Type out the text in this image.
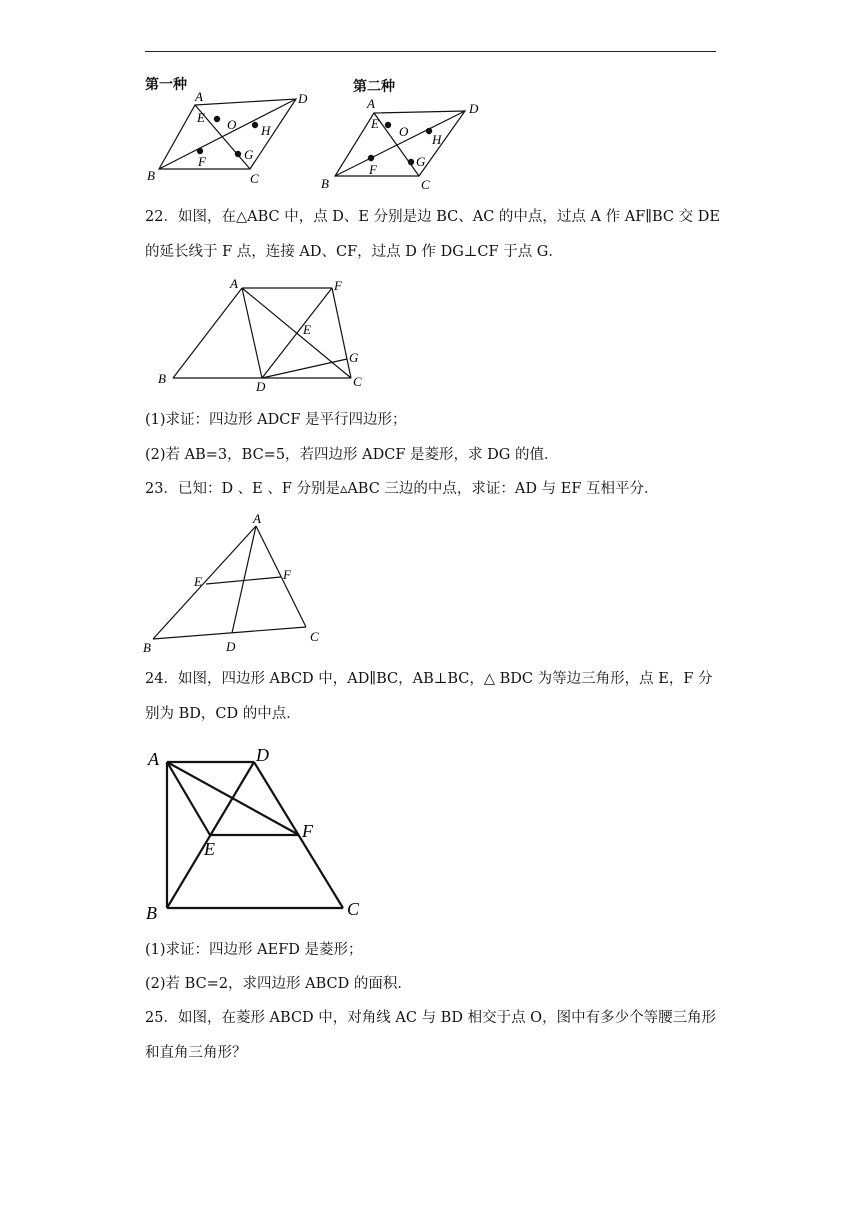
第一种	第二种
A	D
B	C
E O H
F	G
A	D
B	C
E
O
H
F
G
22．如图，在△ABC 中，点 D、E 分别是边 BC、AC 的中点，过点 A 作 AF∥BC 交 DE
的延长线于 F 点，连接 AD、CF，过点 D 作 DG⊥CF 于点 G．
A	F
E
G
B
D	C
(1)求证：四边形 ADCF 是平行四边形；
(2)若 AB=3，BC=5，若四边形 ADCF 是菱形，求 DG 的值．
23．已知：D 、E 、F 分别是▵ABC 三边的中点，求证：AD 与 EF 互相平分．
A
E	F
B	D
C
24．如图，四边形 ABCD 中，AD∥BC，AB⊥BC，△ BDC 为等边三角形，点 E，F 分
别为 BD，CD 的中点．
A	D
E
F
B	C
(1)求证：四边形 AEFD 是菱形；
(2)若 BC=2，求四边形 ABCD 的面积．
25．如图，在菱形 ABCD 中，对角线 AC 与 BD 相交于点 O，图中有多少个等腰三角形
和直角三角形？
